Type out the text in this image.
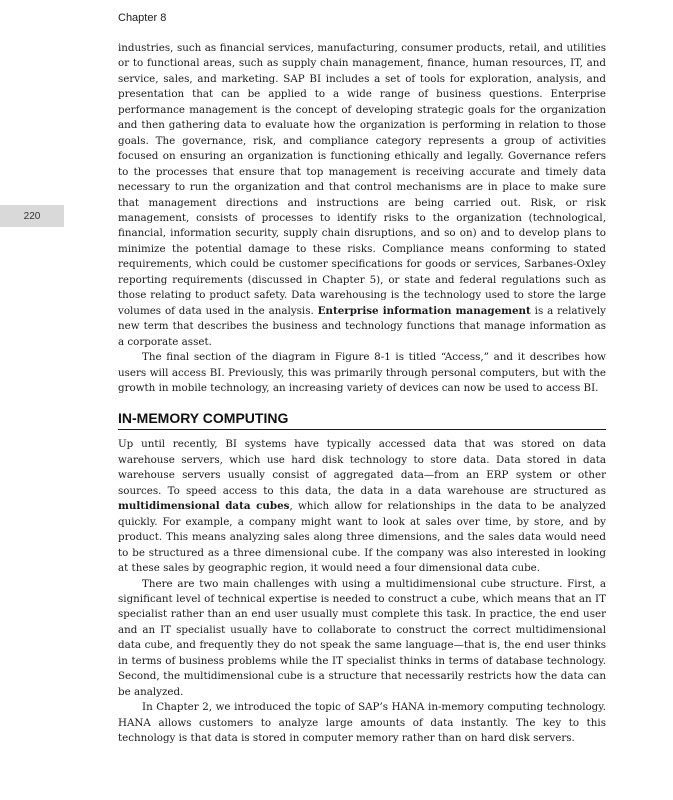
Chapter 8
220

industries, such as financial services, manufacturing, consumer products, retail, and utilities or to functional areas, such as supply chain management, finance, human resources, IT, and service, sales, and marketing. SAP BI includes a set of tools for exploration, analysis, and presentation that can be applied to a wide range of business questions. Enterprise performance management is the concept of developing strategic goals for the organization and then gathering data to evaluate how the organization is performing in relation to those goals. The governance, risk, and compliance category represents a group of activities focused on ensuring an organization is functioning ethically and legally. Governance refers to the processes that ensure that top management is receiving accurate and timely data necessary to run the organization and that control mechanisms are in place to make sure that management directions and instructions are being carried out. Risk, or risk management, consists of processes to identify risks to the organization (technological, financial, information security, supply chain disruptions, and so on) and to develop plans to minimize the potential damage to these risks. Compliance means conforming to stated requirements, which could be customer specifications for goods or services, Sarbanes-Oxley reporting requirements (discussed in Chapter 5), or state and federal regulations such as those relating to product safety. Data warehousing is the technology used to store the large volumes of data used in the analysis. Enterprise information management is a relatively new term that describes the business and technology functions that manage information as a corporate asset.

The final section of the diagram in Figure 8-1 is titled “Access,” and it describes how users will access BI. Previously, this was primarily through personal computers, but with the growth in mobile technology, an increasing variety of devices can now be used to access BI.

IN-MEMORY COMPUTING

Up until recently, BI systems have typically accessed data that was stored on data warehouse servers, which use hard disk technology to store data. Data stored in data warehouse servers usually consist of aggregated data—from an ERP system or other sources. To speed access to this data, the data in a data warehouse are structured as multidimensional data cubes, which allow for relationships in the data to be analyzed quickly. For example, a company might want to look at sales over time, by store, and by product. This means analyzing sales along three dimensions, and the sales data would need to be structured as a three dimensional cube. If the company was also interested in looking at these sales by geographic region, it would need a four dimensional data cube.

There are two main challenges with using a multidimensional cube structure. First, a significant level of technical expertise is needed to construct a cube, which means that an IT specialist rather than an end user usually must complete this task. In practice, the end user and an IT specialist usually have to collaborate to construct the correct multidimensional data cube, and frequently they do not speak the same language—that is, the end user thinks in terms of business problems while the IT specialist thinks in terms of database technology. Second, the multidimensional cube is a structure that necessarily restricts how the data can be analyzed.

In Chapter 2, we introduced the topic of SAP’s HANA in-memory computing technology. HANA allows customers to analyze large amounts of data instantly. The key to this technology is that data is stored in computer memory rather than on hard disk servers.
